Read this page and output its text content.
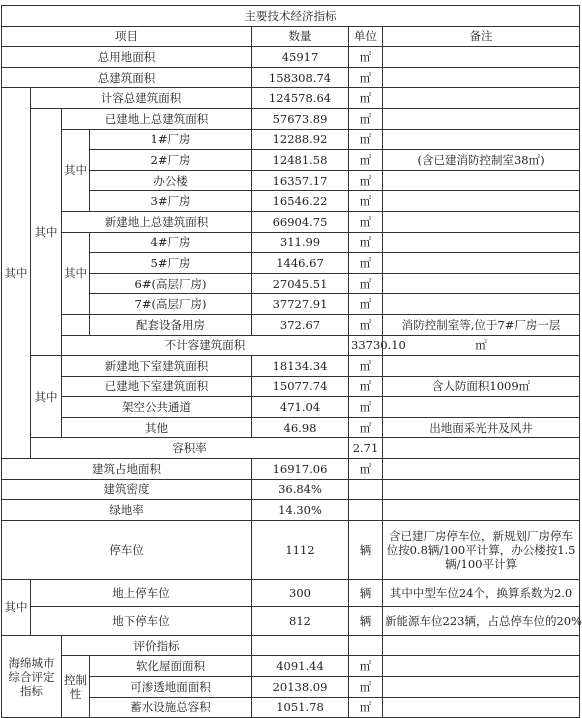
主要技术经济指标							
项目				数量	单位	备注	
总用地面积				45917	㎡		
总建筑面积				158308.74	㎡		
其中	计容总建筑面积			124578.64	㎡		
	其中	已建地上总建筑面积		57673.89	㎡		
		其中	1#厂房	12288.92	㎡		
			2#厂房	12481.58	㎡	(含已建消防控制室38㎡)	
			办公楼	16357.17	㎡		
			3#厂房	16546.22	㎡		
		新建地上总建筑面积		66904.75	㎡		
		其中	4#厂房	311.99	㎡		
			5#厂房	1446.67	㎡		
			6#(高层厂房)	27045.51	㎡		
			7#(高层厂房)	37727.91	㎡		
			配套设备用房	372.67	㎡	消防控制室等,位于7#厂房一层	
		不计容建筑面积			33730.10	㎡	
	其中	新建地下室建筑面积		18134.34	㎡		
		已建地下室建筑面积		15077.74	㎡	含人防面积1009㎡	
		架空公共通道		471.04	㎡		
		其他		46.98	㎡	出地面采光井及风井	
	容积率				2.71		
建筑占地面积				16917.06	㎡		
建筑密度				36.84%			
绿地率				14.30%			
停车位				1112	辆	含已建厂房停车位，新规划厂房停车位按0.8辆/100平计算，办公楼按1.5辆/100平计算	
其中	地上停车位			300	辆	其中中型车位24个，换算系数为2.0	
	地下停车位			812	辆	新能源车位223辆，占总停车位的20%	
海绵城市综合评定指标		评价指标					
		控制性	软化屋面面积	4091.44	㎡		
			可渗透地面面积	20138.09	㎡		
			蓄水设施总容积	1051.78	㎡		
